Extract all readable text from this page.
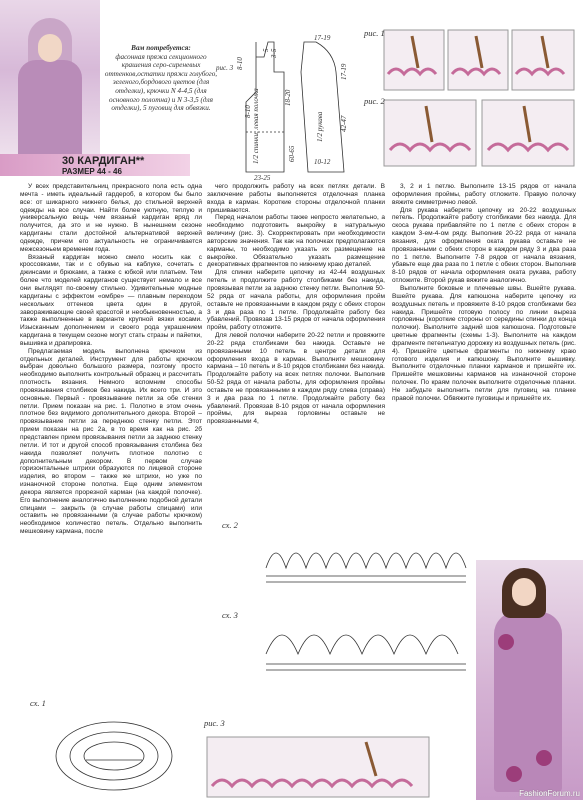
Вам потребуется:
фасонная пряжа секционного крашения серо-сиреневых оттенков,остатки пряжи голубого, зеленого,бордового цветов (для отделки), крючки N 4-4,5 (для основного полотна) и N 3-3,5 (для отделки), 5 пуговиц для обвязки.
30 КАРДИГАН**
РАЗМЕР 44 - 46
рис. 3 8-10
5 3-5
17-19
8-10
18-20
1/2 спинки, левая полочка
17-19
42-47
1/2 рукава
60-65	10-12
23-25
рис. 1
рис. 2

У всех представительниц прекрасного пола есть одна мечта - иметь идеальный гардероб, в котором бы было все: от шикарного нижнего белья, до стильной верхней одежды на все случаи. Найти более уютную, теплую и универсальную вещь чем вязаный кардиган вряд ли получится, да это и не нужно. В нынешнем сезоне кардиганы стали достойной альтернативой верхней одежде, причем его актуальность не ограничивается межсезоньем временем года.

Вязаный кардиган можно смело носить как с кроссовками, так и с обувью на каблуке, сочетать с джинсами и брюками, а также с юбкой или платьем. Тем более что моделей кардиганов существует немало и все они выглядят по-своему стильно. Удивительные модные кардиганы с эффектом «омбре» — плавным переходом нескольких оттенков цвета один в другой, завораживающие своей красотой и необыкновенностью, а также выполненные в варианте крупной вязки косами. Изысканным дополнением и своего рода украшением кардигана в текущем сезоне могут стать стразы и пайетки, вышивка и драпировка.

Предлагаемая модель выполнена крючком из отдельных деталей. Инструмент для работы крючком выбран довольно большого размера, поэтому просто необходимо выполнить контрольный образец и рассчитать плотность вязания. Немного вспомним способы провязывания столбиков без накида. Их всего три. И это основные. Первый - провязывание петли за обе стенки петли. Прием показан на рис. 1. Полотно в этом очень плотное без видимого дополнительного декора. Второй – провязывание петли за переднюю стенку петли. Этот прием показан на рис 2а, в то время как на рис. 2б представлен прием провязывания петли за заднюю стенку петли. И тот и другой способ провязывания столбика без накида позволяет получить плотное полотно с дополнительным декором. В первом случае горизонтальные штрихи образуются по лицевой стороне изделия, во втором – также же штрихи, но уже по изнаночной стороне полотна. Еще одним элементом декора является прорезной карман (на каждой полочке). Его выполнение аналогично выполнению подобной детали спицами – закрыть (в случае работы спицами) или оставить не провязанными (в случае работы крючком) необходимое количество петель. Отдельно выполнить мешковину кармана, после

чего продолжить работу на всех петлях детали. В заключение работы выполняется отделочная планка входа в карман. Короткие стороны отделочной планки пришиваются.

Перед началом работы также непросто желательно, а необходимо подготовить выкройку в натуральную величину (рис. 3). Скорректировать при необходимости авторские значения. Так как на полочках предполагаются карманы, то необходимо указать их размещение на выкройке. Обязательно указать размещение декоративных фрагментов по нижнему краю деталей.

Для спинки наберите цепочку из 42-44 воздушных петель и продолжите работу столбиками без накида, провязывая петли за заднюю стенку петли. Выполнив 50-52 ряда от начала работы, для оформления пройм оставьте не провязанными в каждом ряду с обеих сторон 3 и два раза по 1 петле. Продолжайте работу без убавлений. Провязав 13-15 рядов от начала оформления пройм, работу отложите.

Для левой полочки наберите 20-22 петли и провяжите 20-22 ряда столбиками без накида. Оставьте не провязанными 10 петель в центре детали для оформления входа в карман. Выполните мешковину кармана – 10 петель и 8-10 рядов столбиками без накида. Продолжайте работу на всех петлях полочки. Выполнив 50-52 ряда от начала работы, для оформления проймы оставьте не провязанными в каждом ряду слева (справа) 3 и два раза по 1 петле. Продолжайте работу без убавлений. Провязав 8-10 рядов от начала оформления проймы, для выреза горловины оставьте не провязанными 4,

3, 2 и 1 петлю. Выполните 13-15 рядов от начала оформления проймы, работу отложите. Правую полочку вяжите симметрично левой.

Для рукава наберите цепочку из 20-22 воздушных петель. Продолжайте работу столбиками без накида. Для скоса рукава прибавляйте по 1 петле с обеих сторон в каждом 3-ем-4-ом ряду. Выполнив 20-22 ряда от начала вязания, для оформления оката рукава оставьте не провязанными с обеих сторон в каждом ряду 3 и два раза по 1 петле. Выполните 7-8 рядов от начала вязания, убавьте еще два раза по 1 петле с обеих сторон. Выполнив 8-10 рядов от начала оформления оката рукава, работу отложите. Второй рукав вяжите аналогично.

Выполните боковые и плечевые швы. Вшейте рукава. Вшейте рукава. Для капюшона наберите цепочку из воздушных петель и провяжите 8-10 рядов столбиками без накида. Пришейте готовую полосу по линии выреза горловины (короткие стороны от середины спинки до конца полочки). Выполните задний шов капюшона. Подготовьте цветные фрагменты (схемы 1-3). Выполните на каждом фрагменте петельчатую дорожку из воздушных петель (рис. 4). Пришейте цветные фрагменты по нижнему краю готового изделия и капюшону. Выполните вышивку. Выполните отделочные планки карманов и пришейте их. Пришейте мешковины карманов на изнаночной стороне полочек. По краям полочек выполните отделочные планки. Не забудьте выполнить петли для пуговиц на планке правой полочки. Обвяжите пуговицы и пришейте их.

сх. 2
сх. 3
сх. 1
рис. 3
FashionForum.ru
